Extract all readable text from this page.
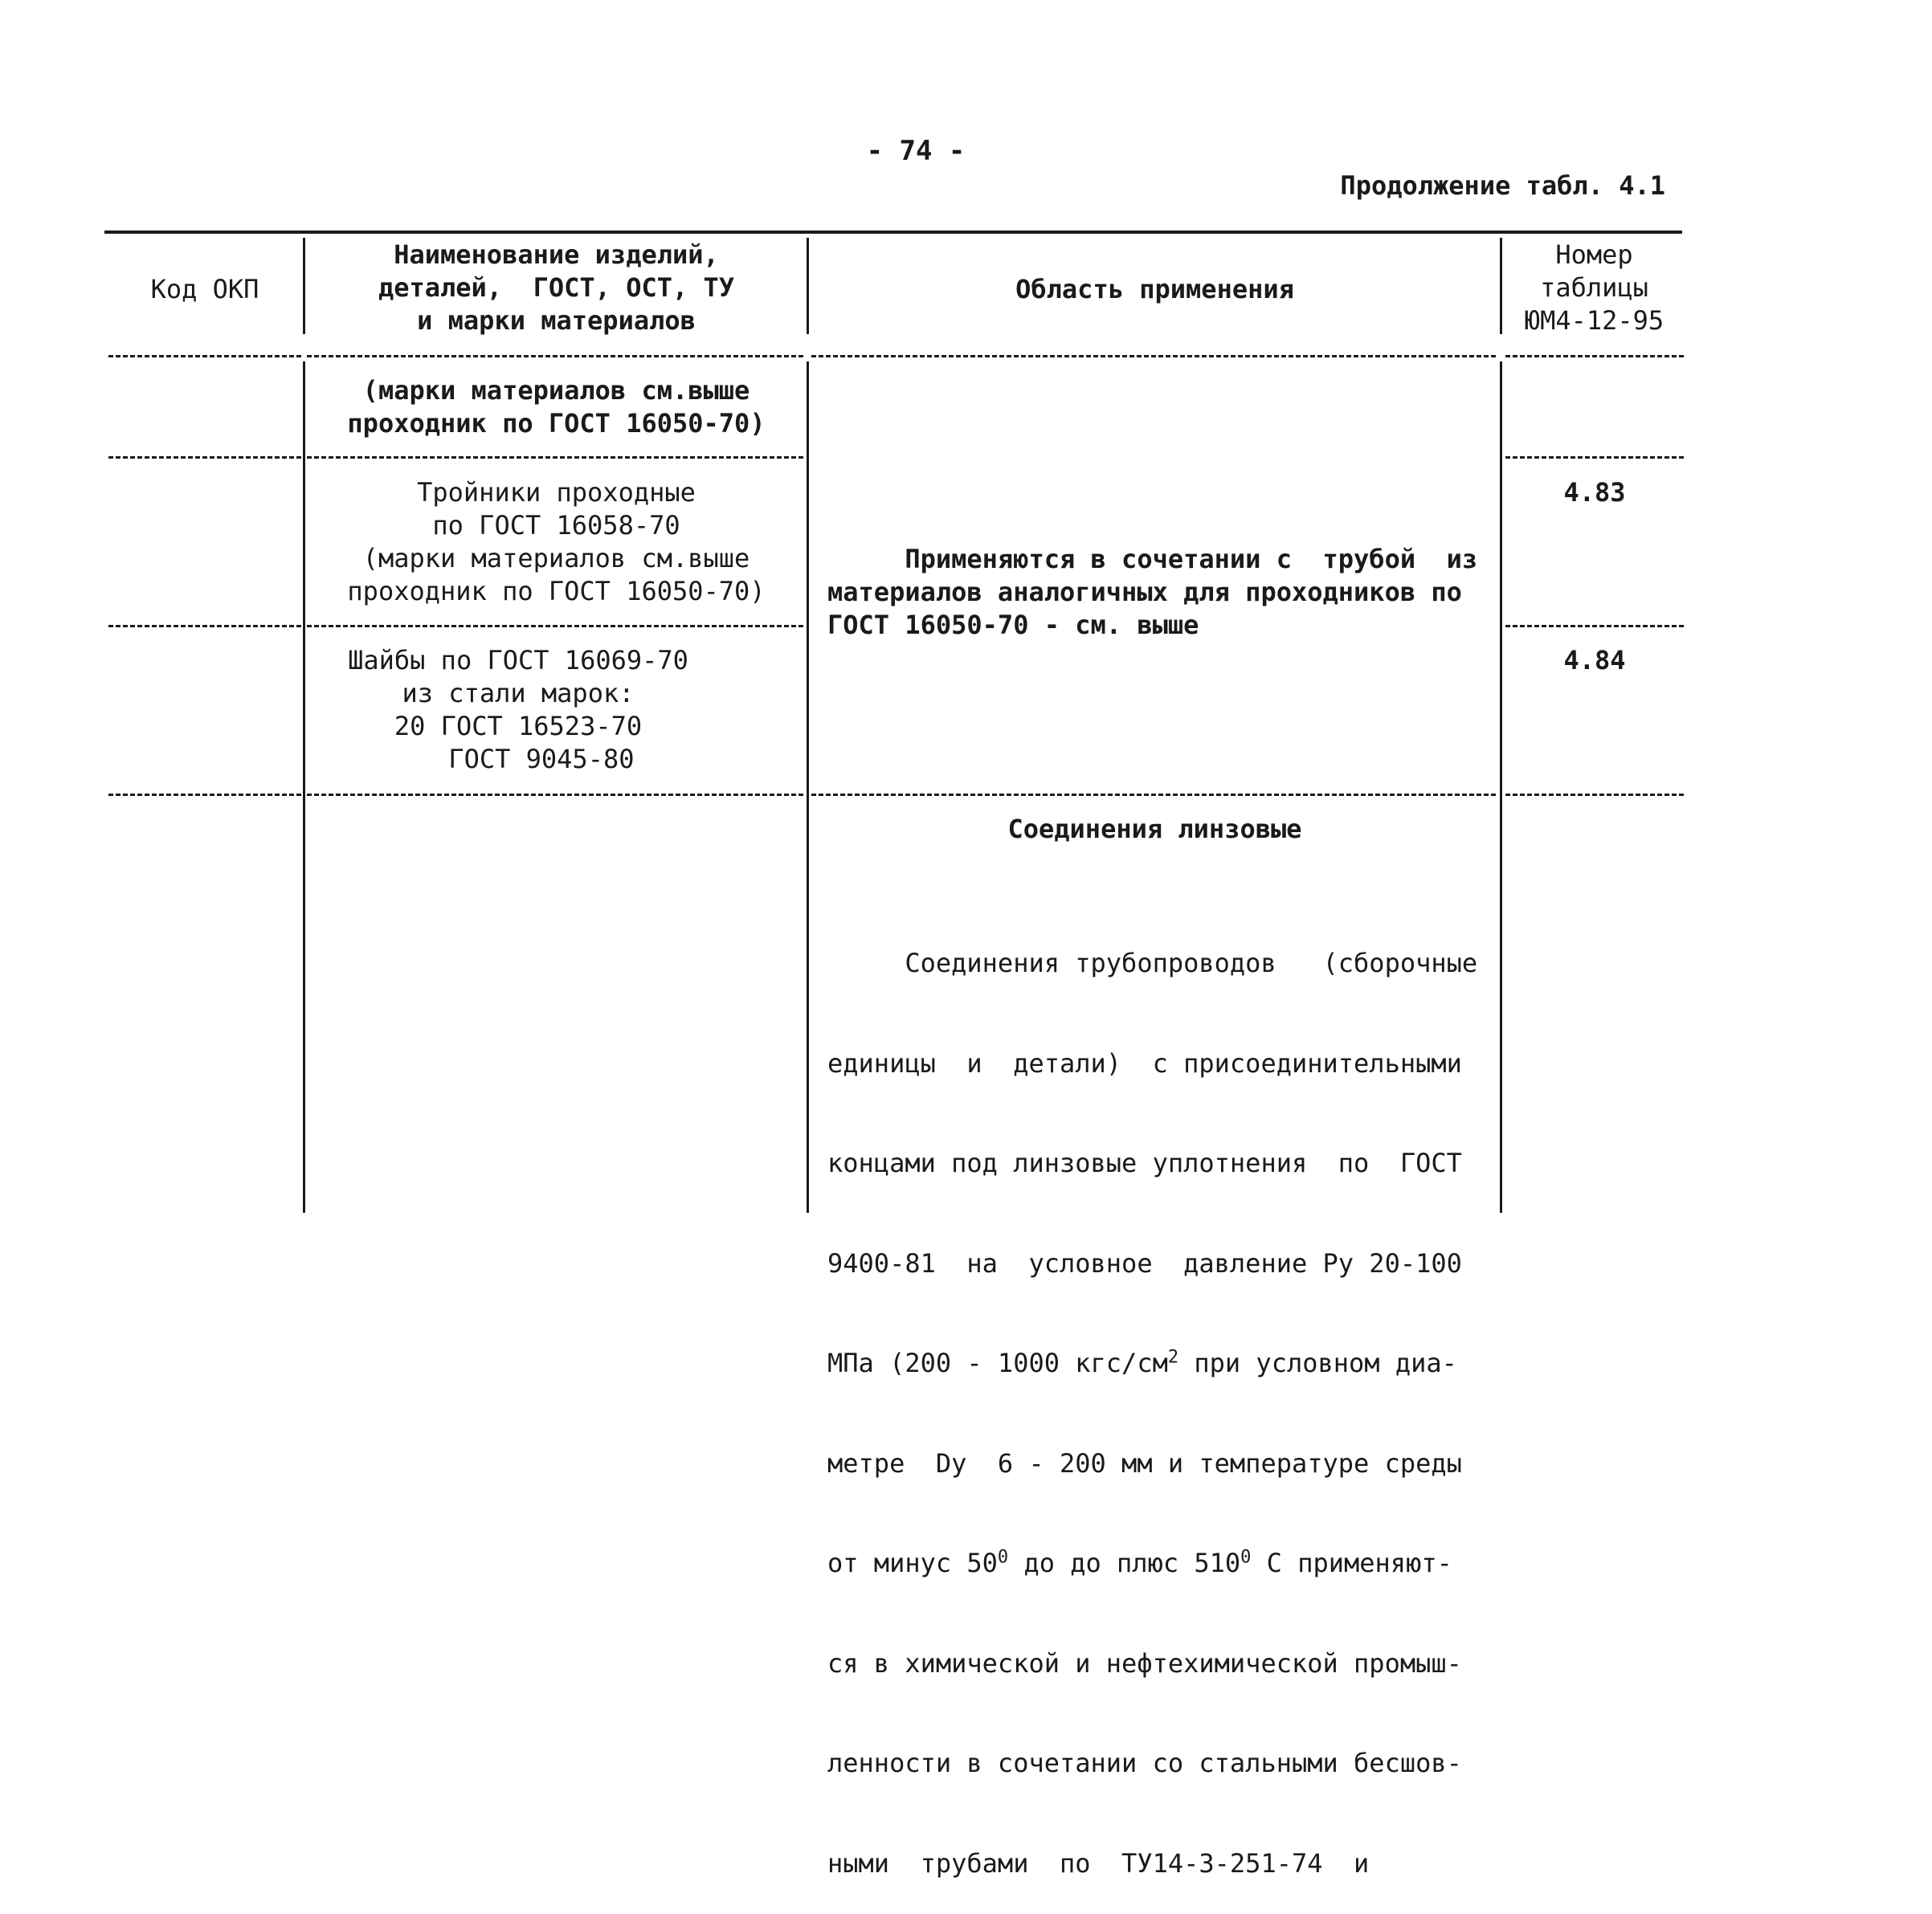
- 74 -
Продолжение табл. 4.1
Код ОКП
Наименование изделий,
деталей,  ГОСТ, ОСТ, ТУ
и марки материалов
Область применения
Номер
таблицы
ЮМ4-12-95
(марки материалов см.выше
проходник по ГОСТ 16050-70)
Тройники проходные
по ГОСТ 16058-70
(марки материалов см.выше
проходник по ГОСТ 16050-70)
4.83
Применяются в сочетании с  трубой  из
материалов аналогичных для проходников по
ГОСТ 16050-70 - см. выше
Шайбы по ГОСТ 16069-70
из стали марок:
20 ГОСТ 16523-70
ГОСТ 9045-80
4.84
Соединения линзовые

Соединения трубопроводов   (сборочные

единицы  и  детали)  с присоединительными

концами под линзовые уплотнения  по  ГОСТ

9400-81  на  условное  давление Ру 20-100

МПа (200 - 1000 кгс/$см^2$ при условном диа-

метре  Dy  6 - 200 мм и температуре среды

от минус $50^0$ до до плюс $510^0$ С применяют-

ся в химической и нефтехимической промыш-

ленности в сочетании со стальными бесшов-

ными  трубами  по  ТУ14-3-251-74  и
